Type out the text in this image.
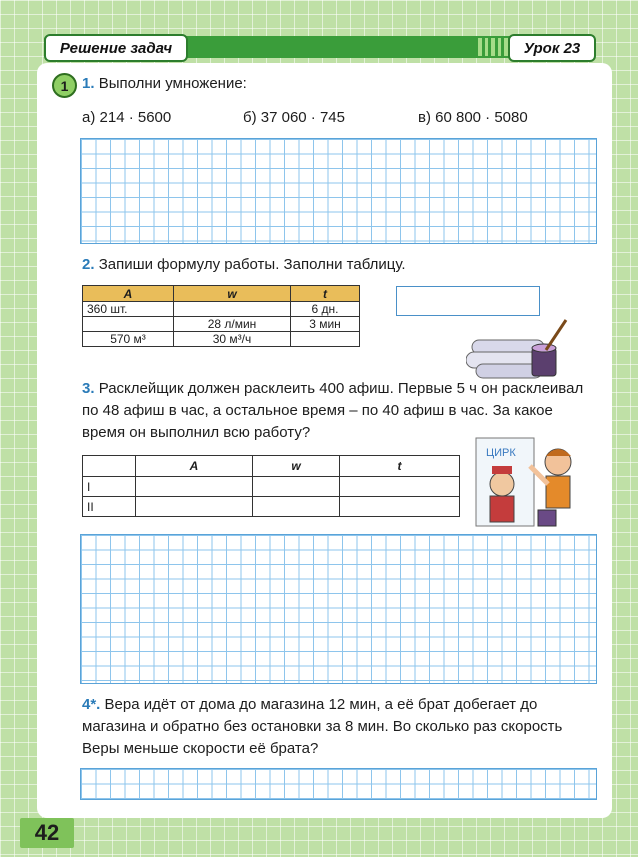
Решение задач	Урок 23
1 1. Выполни умножение:
а) 214 · 5600	б) 37 060 · 745	в) 60 800 · 5080
2. Запиши формулу работы. Заполни таблицу.
A	w	t
360 шт.		6 дн.
	28 л/мин	3 мин
570 м³	30 м³/ч	
3. Расклейщик должен расклеить 400 афиш. Первые 5 ч он расклеивал
по 48 афиш в час, а остальное время – по 40 афиш в час. За какое
время он выполнил всю работу?
	A	w	t
I			
II			
ЦИРК
4*. Вера идёт от дома до магазина 12 мин, а её брат добегает до
магазина и обратно без остановки за 8 мин. Во сколько раз скорость
Веры меньше скорости её брата?
42
